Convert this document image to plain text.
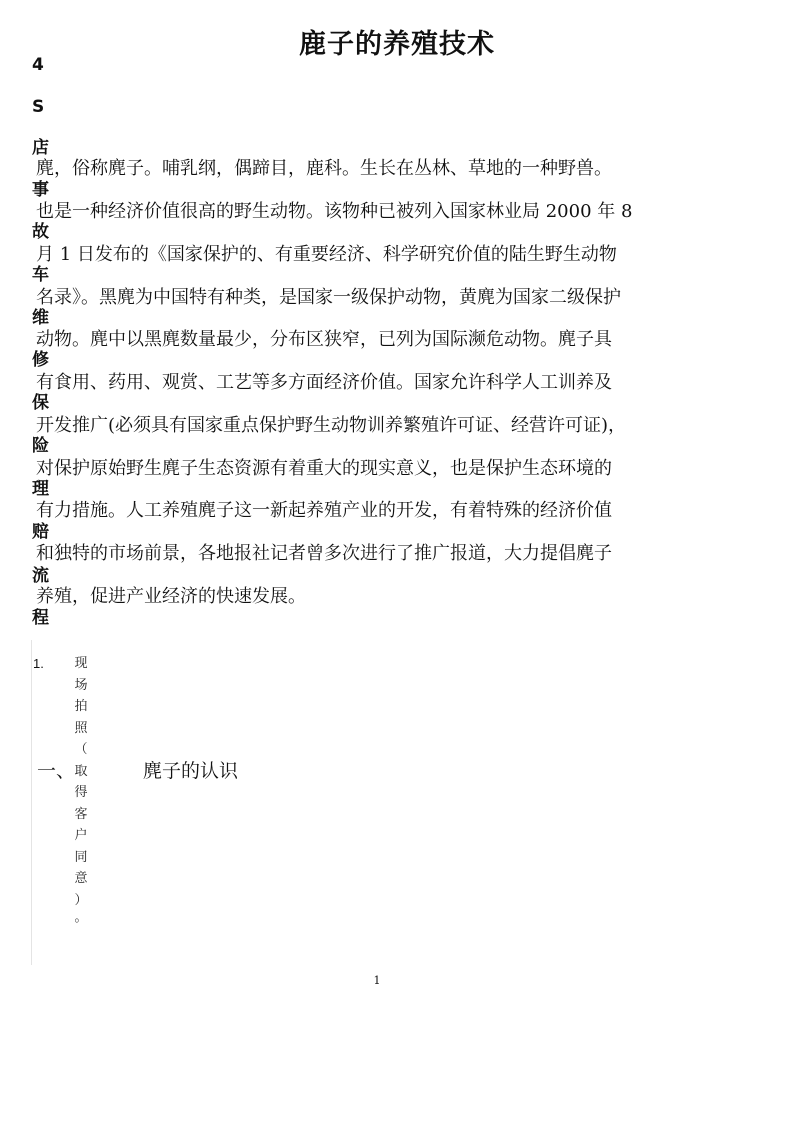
鹿子的养殖技术
4
S
店
事
故
车
维
修
保
险
理
赔
流
程
麂，俗称麂子。哺乳纲，偶蹄目，鹿科。生长在丛林、草地的一种野兽。
也是一种经济价值很高的野生动物。该物种已被列入国家林业局 2000 年 8
月 1 日发布的《国家保护的、有重要经济、科学研究价值的陆生野生动物
名录》。黑麂为中国特有种类，是国家一级保护动物，黄麂为国家二级保护
动物。麂中以黑麂数量最少，分布区狭窄，已列为国际濒危动物。麂子具
有食用、药用、观赏、工艺等多方面经济价值。国家允许科学人工训养及
开发推广(必须具有国家重点保护野生动物训养繁殖许可证、经营许可证)，
对保护原始野生麂子生态资源有着重大的现实意义，也是保护生态环境的
有力措施。人工养殖麂子这一新起养殖产业的开发，有着特殊的经济价值
和独特的市场前景，各地报社记者曾多次进行了推广报道，大力提倡麂子
养殖，促进产业经济的快速发展。
1. 现
场
拍
照
（
取
得
客
户
同
意
）
。
一、	麂子的认识
1
